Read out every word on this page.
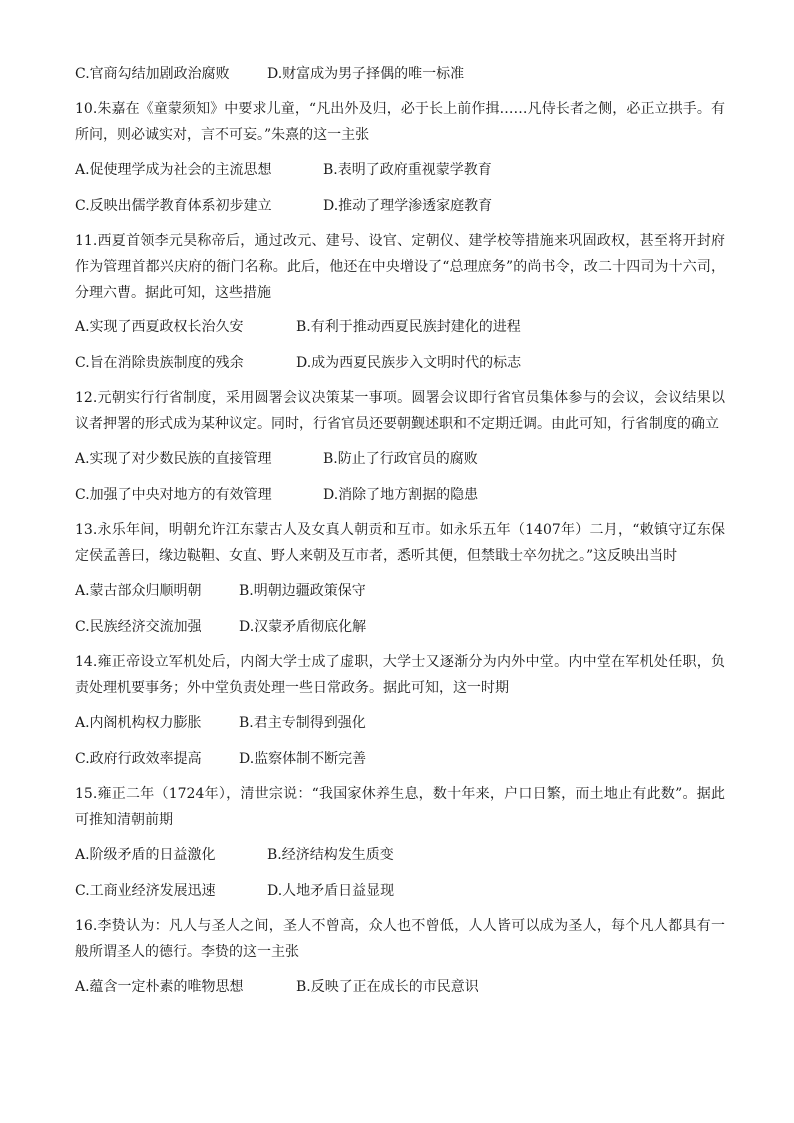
C.官商勾结加剧政治腐败	D.财富成为男子择偶的唯一标准

10.朱嘉在《童蒙须知》中要求儿童，“凡出外及归，必于长上前作揖……凡侍长者之侧，必正立拱手。有所问，则必诚实对，言不可妄。”朱熹的这一主张

A.促使理学成为社会的主流思想	B.表明了政府重视蒙学教育
C.反映出儒学教育体系初步建立	D.推动了理学渗透家庭教育

11.西夏首领李元昊称帝后，通过改元、建号、设官、定朝仪、建学校等措施来巩固政权，甚至将开封府作为管理首都兴庆府的衙门名称。此后，他还在中央增设了“总理庶务”的尚书令，改二十四司为十六司，分理六曹。据此可知，这些措施

A.实现了西夏政权长治久安	B.有利于推动西夏民族封建化的进程
C.旨在消除贵族制度的残余	D.成为西夏民族步入文明时代的标志

12.元朝实行行省制度，采用圆署会议决策某一事项。圆署会议即行省官员集体参与的会议，会议结果以议者押署的形式成为某种议定。同时，行省官员还要朝觐述职和不定期迁调。由此可知，行省制度的确立

A.实现了对少数民族的直接管理	B.防止了行政官员的腐败
C.加强了中央对地方的有效管理	D.消除了地方割据的隐患

13.永乐年间，明朝允许江东蒙古人及女真人朝贡和互市。如永乐五年（1407年）二月，“敕镇守辽东保定侯孟善曰，缘边鞑靼、女直、野人来朝及互市者，悉听其便，但禁戢士卒勿扰之。”这反映出当时

A.蒙古部众归顺明朝	B.明朝边疆政策保守
C.民族经济交流加强	D.汉蒙矛盾彻底化解

14.雍正帝设立军机处后，内阁大学士成了虚职，大学士又逐渐分为内外中堂。内中堂在军机处任职，负责处理机要事务；外中堂负责处理一些日常政务。据此可知，这一时期

A.内阁机构权力膨胀	B.君主专制得到强化
C.政府行政效率提高	D.监察体制不断完善

15.雍正二年（1724年），清世宗说：“我国家休养生息，数十年来，户口日繁，而土地止有此数”。据此可推知清朝前期

A.阶级矛盾的日益激化	B.经济结构发生质变
C.工商业经济发展迅速	D.人地矛盾日益显现

16.李贽认为：凡人与圣人之间，圣人不曾高，众人也不曾低，人人皆可以成为圣人，每个凡人都具有一般所谓圣人的德行。李贽的这一主张

A.蕴含一定朴素的唯物思想	B.反映了正在成长的市民意识
